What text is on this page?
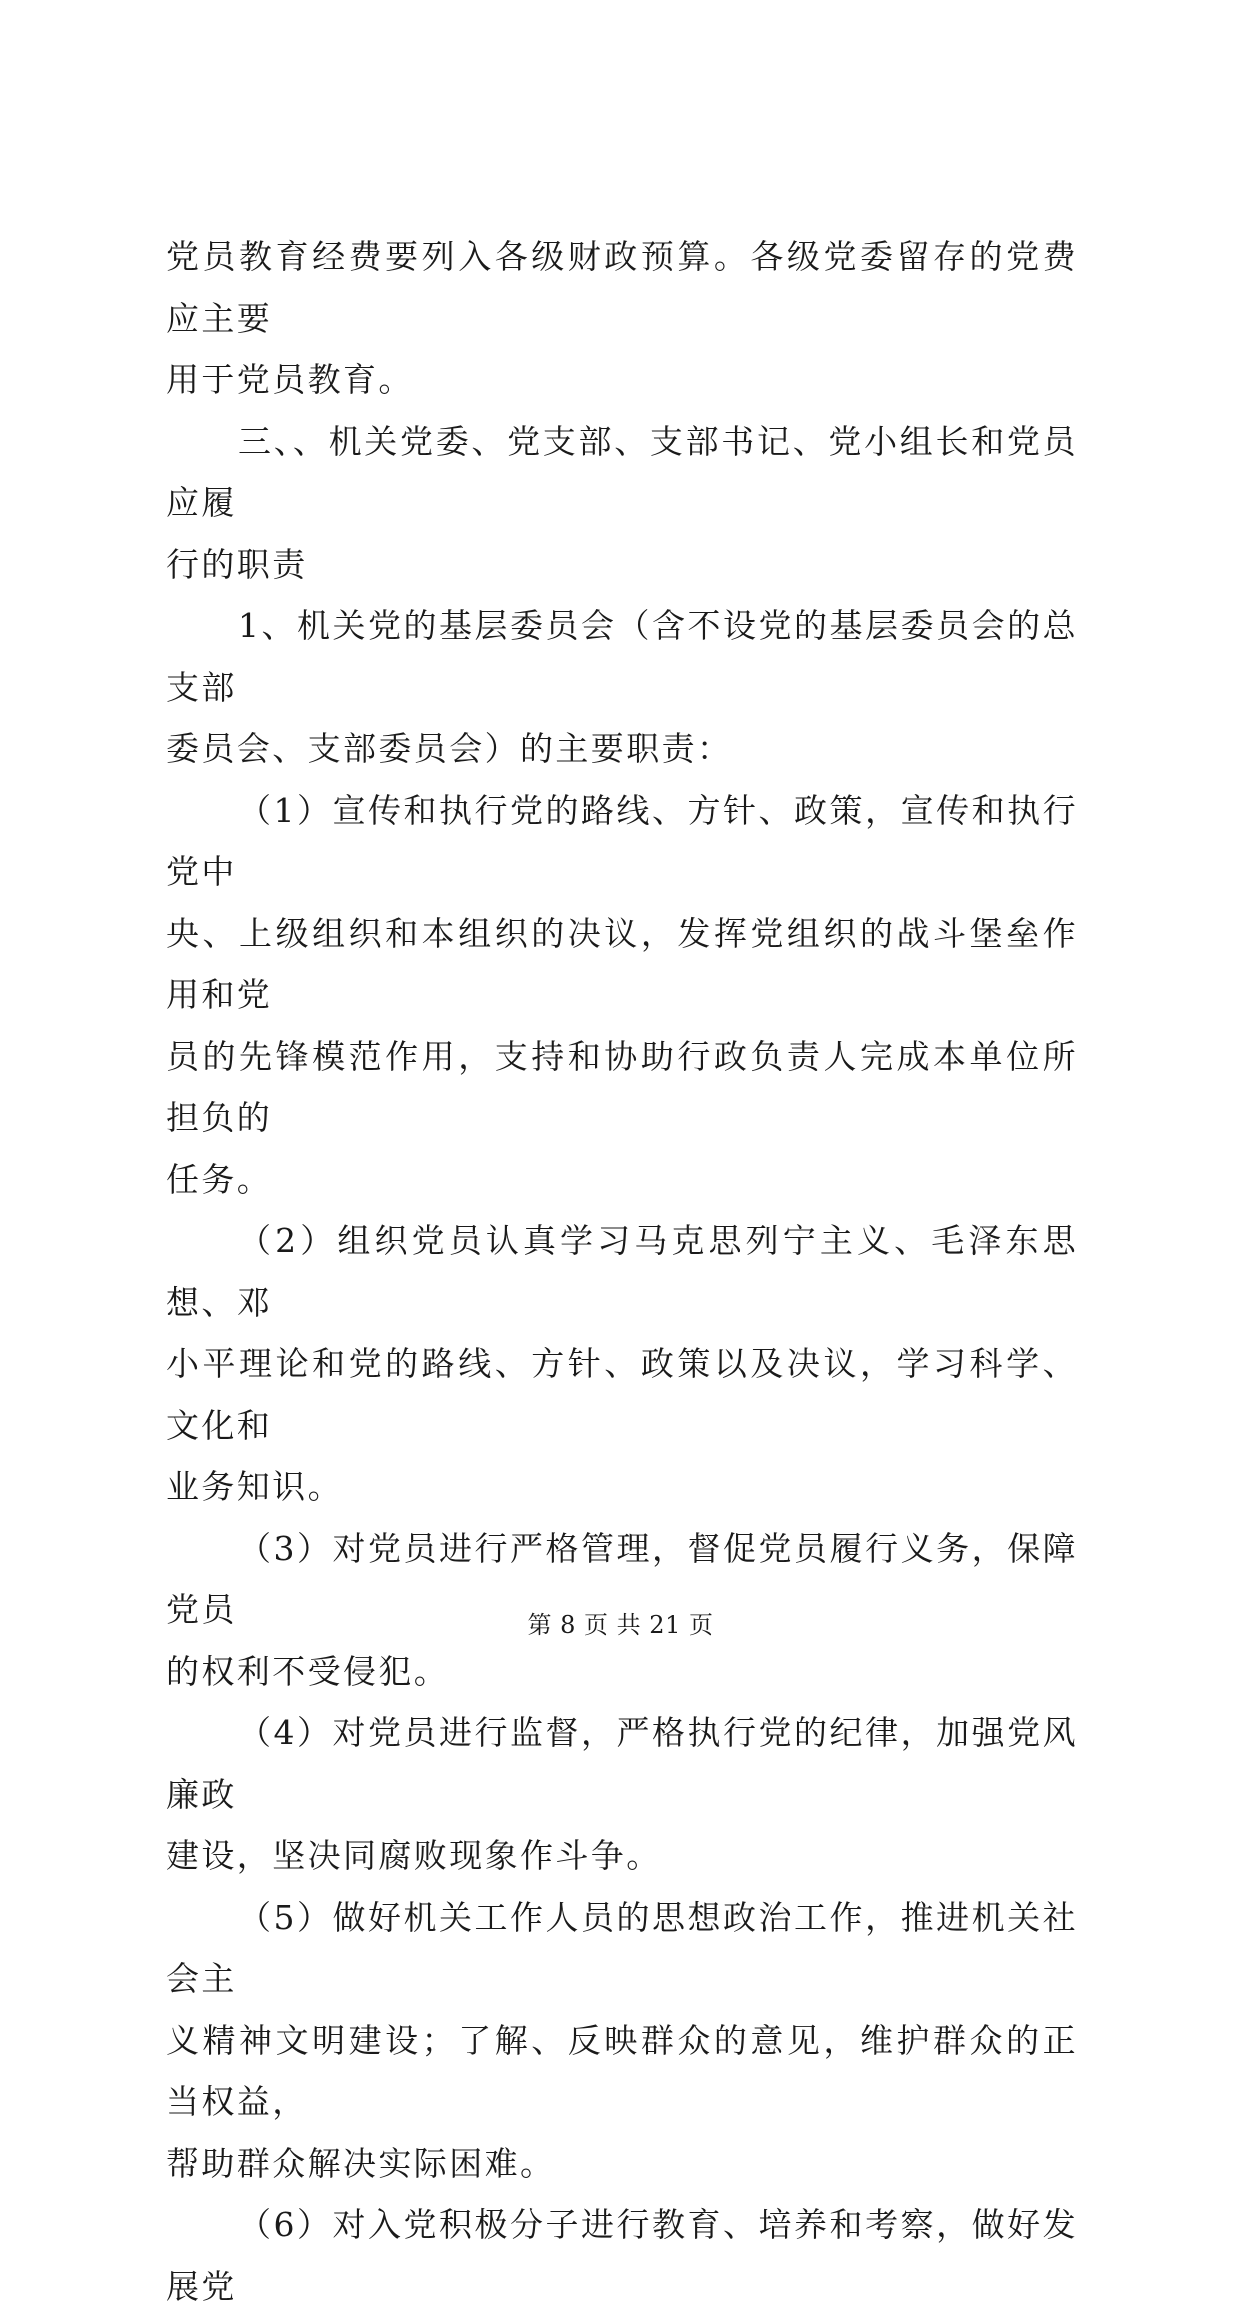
党员教育经费要列入各级财政预算。各级党委留存的党费应主要

用于党员教育。

三、、机关党委、党支部、支部书记、党小组长和党员应履

行的职责

1、机关党的基层委员会（含不设党的基层委员会的总支部

委员会、支部委员会）的主要职责：

（1）宣传和执行党的路线、方针、政策，宣传和执行党中

央、上级组织和本组织的决议，发挥党组织的战斗堡垒作用和党

员的先锋模范作用，支持和协助行政负责人完成本单位所担负的

任务。

（2）组织党员认真学习马克思列宁主义、毛泽东思想、邓

小平理论和党的路线、方针、政策以及决议，学习科学、文化和

业务知识。

（3）对党员进行严格管理，督促党员履行义务，保障党员

的权利不受侵犯。

（4）对党员进行监督，严格执行党的纪律，加强党风廉政

建设，坚决同腐败现象作斗争。

（5）做好机关工作人员的思想政治工作，推进机关社会主

义精神文明建设；了解、反映群众的意见，维护群众的正当权益，

帮助群众解决实际困难。

（6）对入党积极分子进行教育、培养和考察，做好发展党

第 8 页 共 21 页
